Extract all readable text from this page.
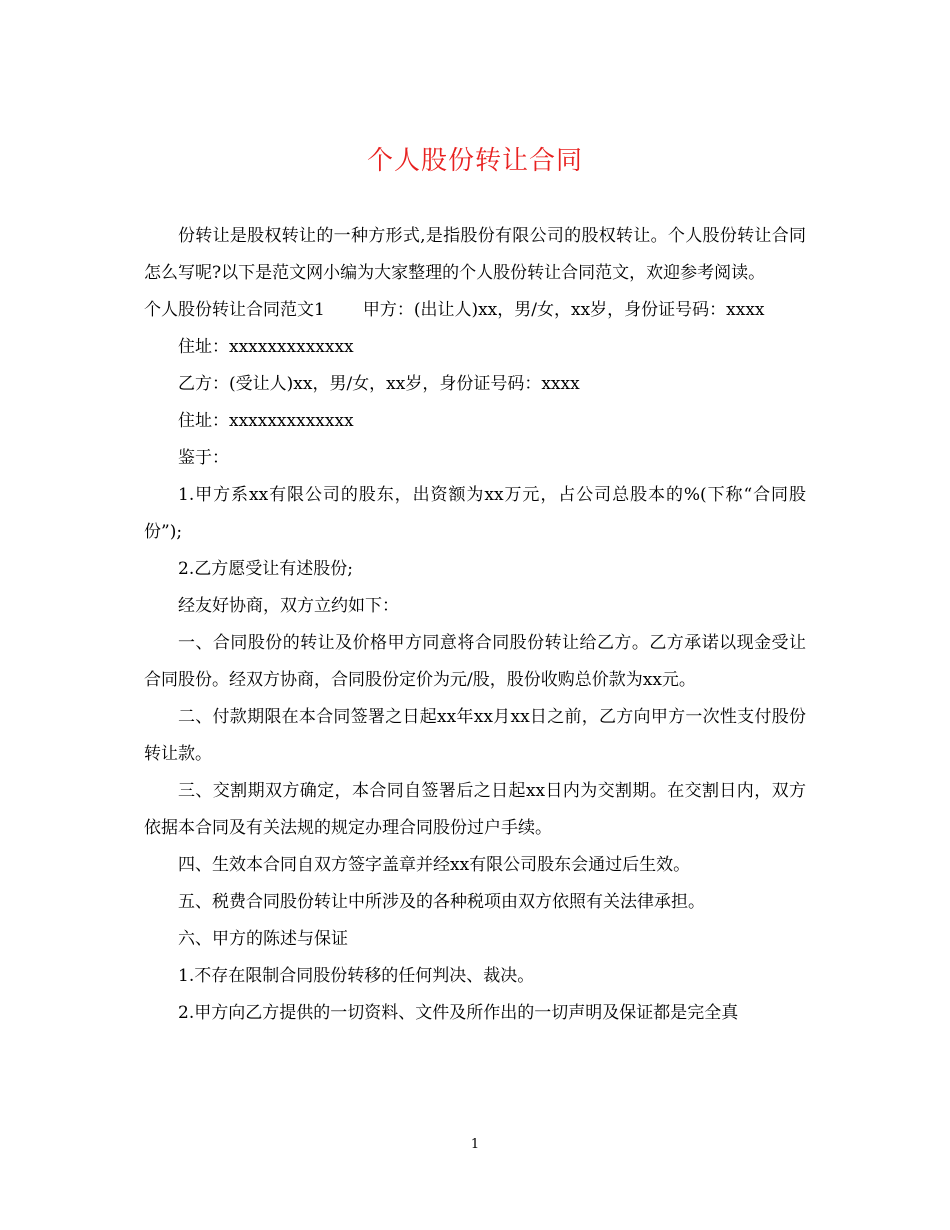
个人股份转让合同

份转让是股权转让的一种方形式,是指股份有限公司的股权转让。个人股份转让合同怎么写呢?以下是范文网小编为大家整理的个人股份转让合同范文，欢迎参考阅读。

个人股份转让合同范文1 甲方：(出让人)xx，男/女，xx岁，身份证号码：xxxx

住址：xxxxxxxxxxxxx

乙方：(受让人)xx，男/女，xx岁，身份证号码：xxxx

住址：xxxxxxxxxxxxx

鉴于：

1.甲方系xx有限公司的股东，出资额为xx万元，占公司总股本的%(下称“合同股份”);

2.乙方愿受让有述股份;

经友好协商，双方立约如下：

一、合同股份的转让及价格甲方同意将合同股份转让给乙方。乙方承诺以现金受让合同股份。经双方协商，合同股份定价为元/股，股份收购总价款为xx元。

二、付款期限在本合同签署之日起xx年xx月xx日之前，乙方向甲方一次性支付股份转让款。

三、交割期双方确定，本合同自签署后之日起xx日内为交割期。在交割日内，双方依据本合同及有关法规的规定办理合同股份过户手续。

四、生效本合同自双方签字盖章并经xx有限公司股东会通过后生效。

五、税费合同股份转让中所涉及的各种税项由双方依照有关法律承担。

六、甲方的陈述与保证

1.不存在限制合同股份转移的任何判决、裁决。

2.甲方向乙方提供的一切资料、文件及所作出的一切声明及保证都是完全真

1
